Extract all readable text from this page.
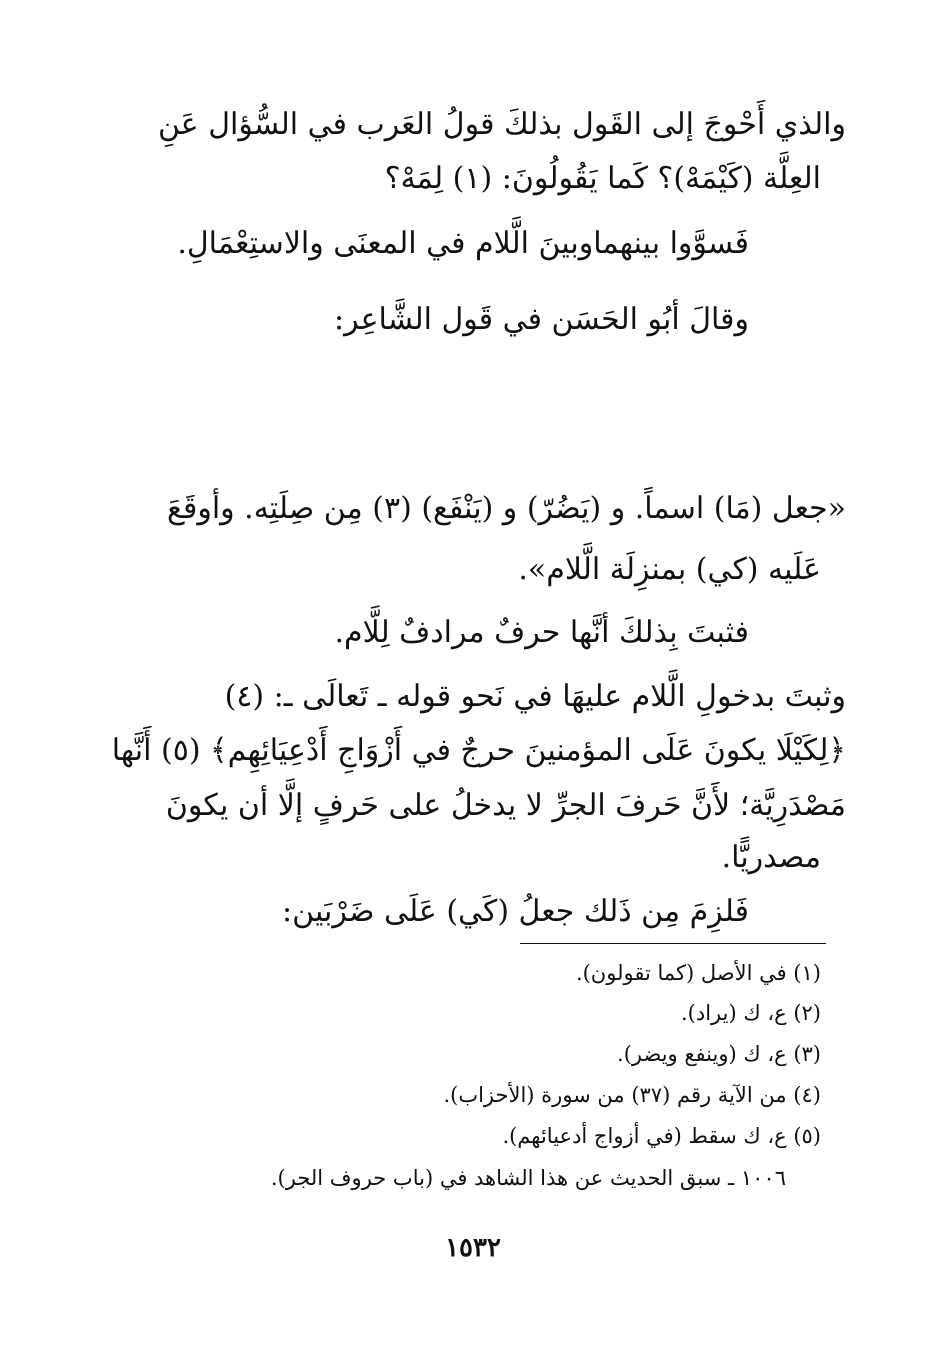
والذي أَحْوجَ إلى القَول بذلكَ قولُ العَرب في السُّؤال عَنِ
العِلَّة (كَيْمَهْ)؟ كَما يَقُولُونَ: (١) لِمَهْ؟
فَسوَّوا بينهماوبينَ الَّلام في المعنَى والاستِعْمَالِ.
وقالَ أبُو الحَسَن في قَول الشَّاعِر:
«جعل (مَا) اسماً. و (يَضُرّ) و (يَنْفَع) (٣) مِن صِلَتِه. وأوقَعَ
عَلَيه (كي) بمنزِلَة الَّلام».
فثبتَ بِذلكَ أنَّها حرفٌ مرادفٌ لِلَّام.
وثبتَ بدخولِ الَّلام عليهَا في نَحو قوله ـ تَعالَى ـ: (٤)
﴿لِكَيْلَا يكونَ عَلَى المؤمنينَ حرجٌ في أَزْوَاجِ أَدْعِيَائِهِم﴾ (٥) أَنَّها
مَصْدَرِيَّة؛ لأَنَّ حَرفَ الجرِّ لا يدخلُ على حَرفٍ إلَّا أن يكونَ
مصدريًّا.
فَلزِمَ مِن ذَلك جعلُ (كَي) عَلَى ضَرْبَين:
(١) في الأصل (كما تقولون).
(٢) ع، ك (يراد).
(٣) ع، ك (وينفع ويضر).
(٤) من الآية رقم (٣٧) من سورة (الأحزاب).
(٥) ع، ك سقط (في أزواج أدعيائهم).
١٠٠٦ ـ سبق الحديث عن هذا الشاهد في (باب حروف الجر).
١٥٣٢
